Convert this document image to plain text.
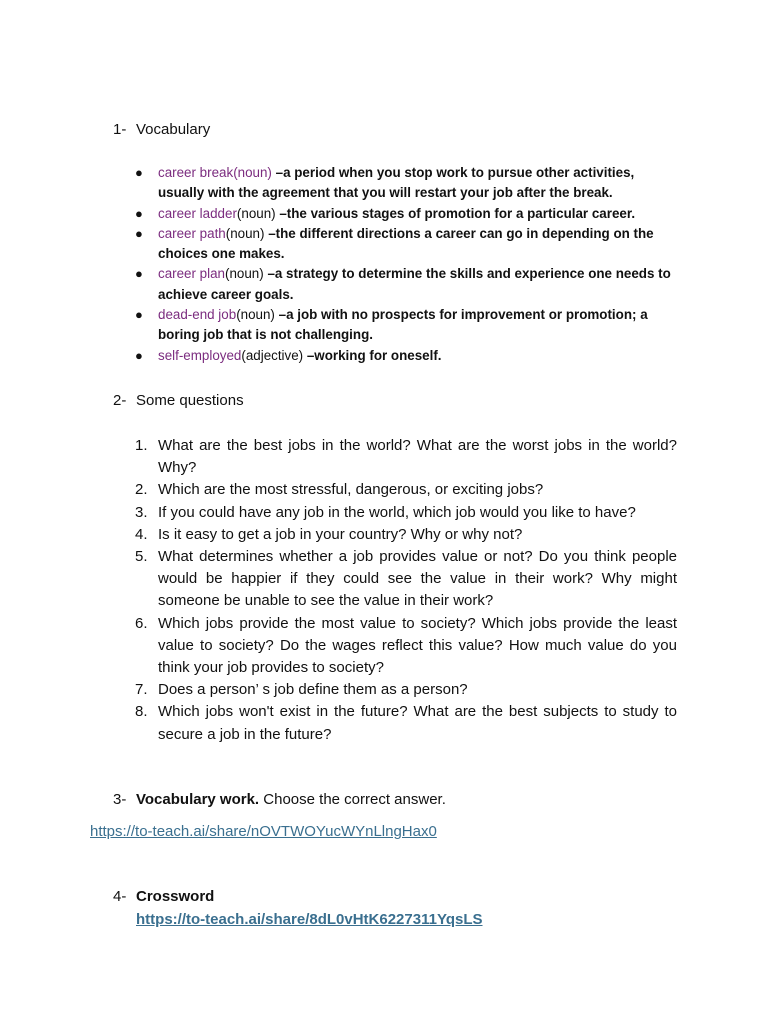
1- Vocabulary
● career break(noun) –a period when you stop work to pursue other activities, usually with the agreement that you will restart your job after the break.
● career ladder(noun) –the various stages of promotion for a particular career.
● career path(noun) –the different directions a career can go in depending on the choices one makes.
● career plan(noun) –a strategy to determine the skills and experience one needs to achieve career goals.
● dead-end job(noun) –a job with no prospects for improvement or promotion; a boring job that is not challenging.
● self-employed(adjective) –working for oneself.
2- Some questions
1. What are the best jobs in the world? What are the worst jobs in the world? Why?
2. Which are the most stressful, dangerous, or exciting jobs?
3. If you could have any job in the world, which job would you like to have?
4. Is it easy to get a job in your country? Why or why not?
5. What determines whether a job provides value or not? Do you think people would be happier if they could see the value in their work? Why might someone be unable to see the value in their work?
6. Which jobs provide the most value to society? Which jobs provide the least value to society? Do the wages reflect this value? How much value do you think your job provides to society?
7. Does a person’ s job define them as a person?
8. Which jobs won't exist in the future? What are the best subjects to study to secure a job in the future?
3- Vocabulary work. Choose the correct answer.
https://to-teach.ai/share/nOVTWOYucWYnLlngHax0
4- Crossword
https://to-teach.ai/share/8dL0vHtK6227311YqsLS
